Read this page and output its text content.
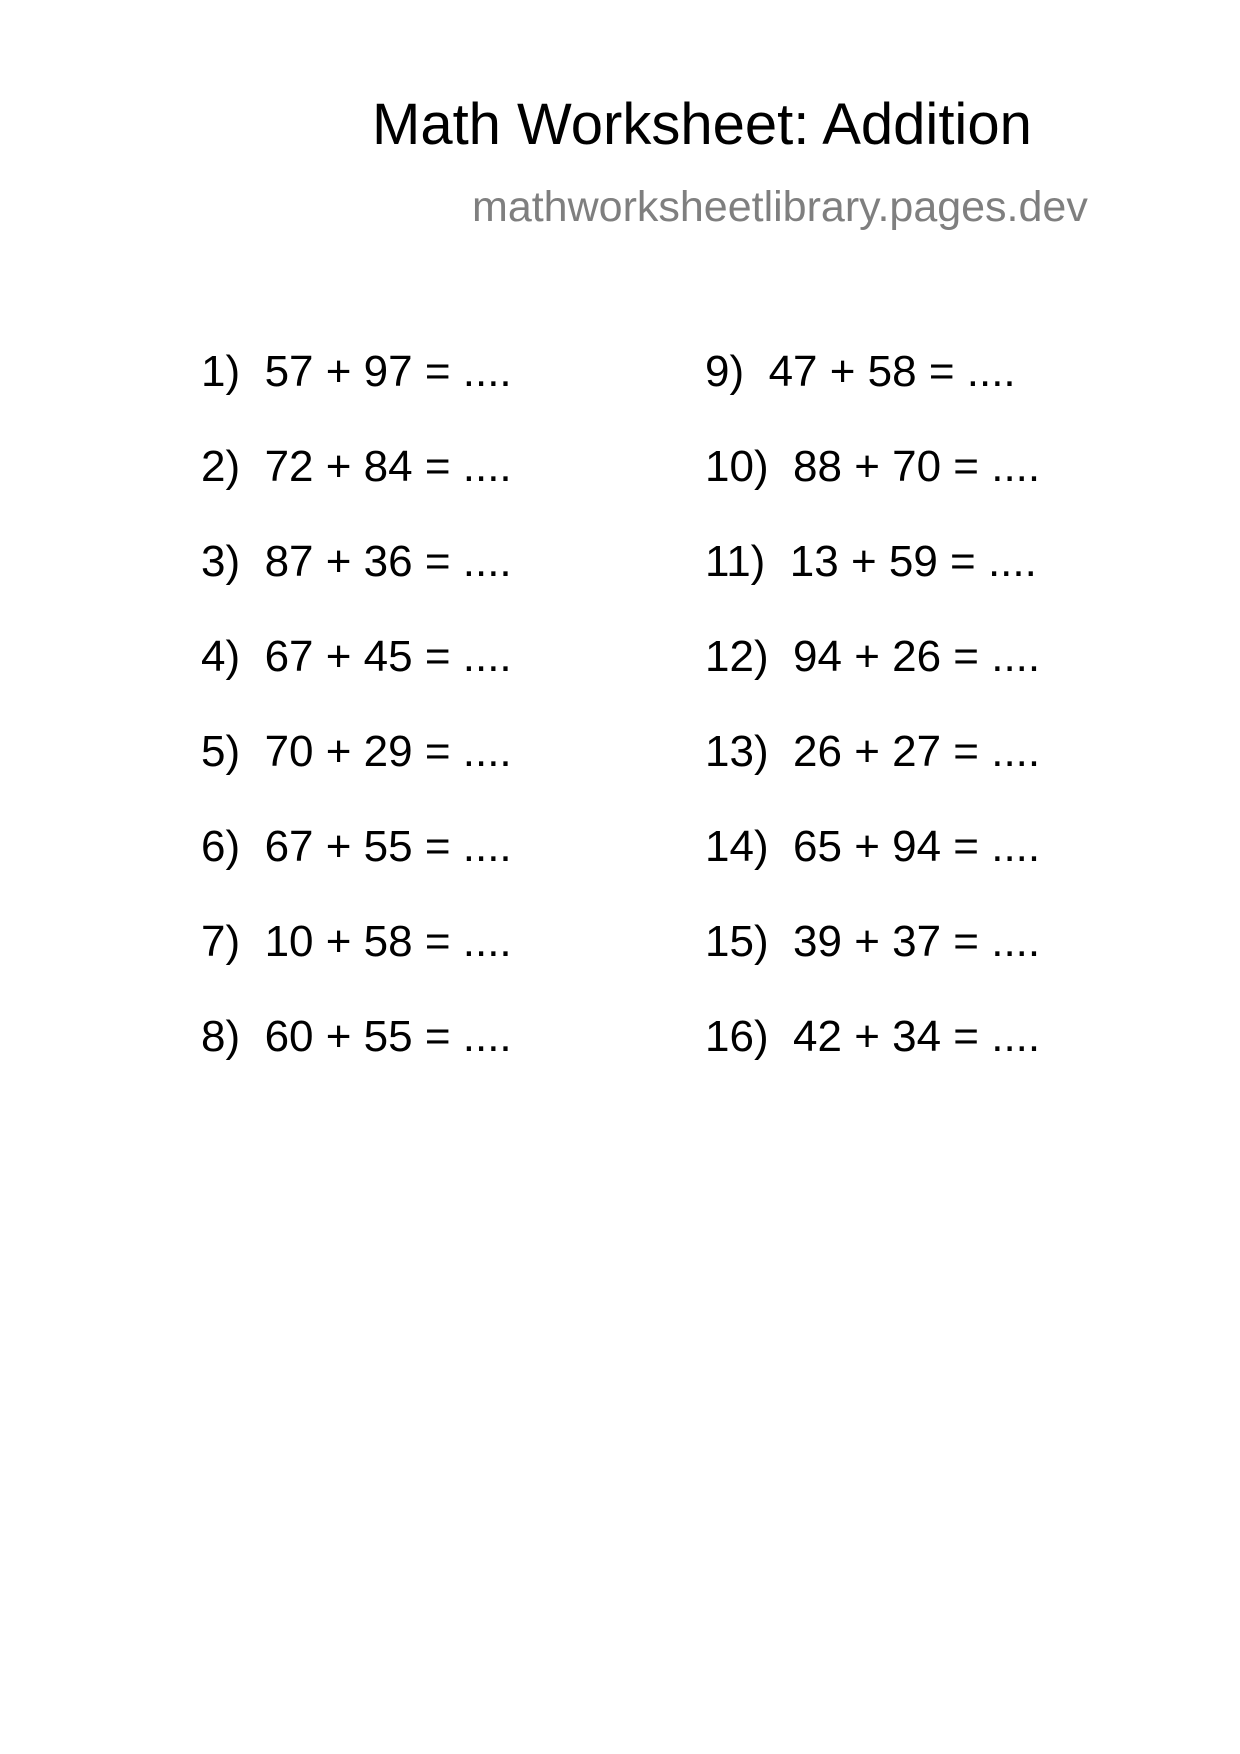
Math Worksheet: Addition
mathworksheetlibrary.pages.dev
1)  57 + 97 = ....
2)  72 + 84 = ....
3)  87 + 36 = ....
4)  67 + 45 = ....
5)  70 + 29 = ....
6)  67 + 55 = ....
7)  10 + 58 = ....
8)  60 + 55 = ....
9)  47 + 58 = ....
10)  88 + 70 = ....
11)  13 + 59 = ....
12)  94 + 26 = ....
13)  26 + 27 = ....
14)  65 + 94 = ....
15)  39 + 37 = ....
16)  42 + 34 = ....
